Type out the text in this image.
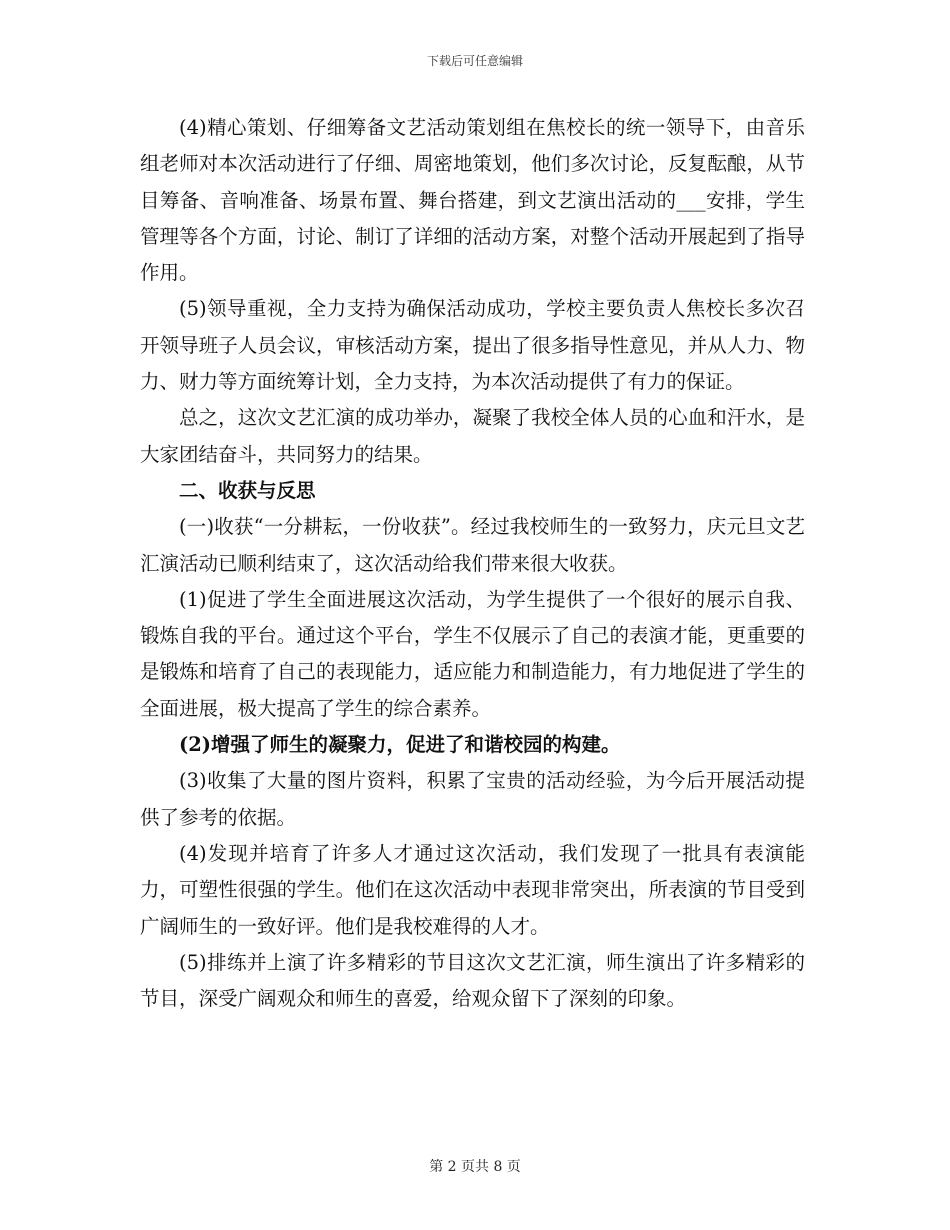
下载后可任意编辑

(4)精心策划、仔细筹备文艺活动策划组在焦校长的统一领导下，由音乐组老师对本次活动进行了仔细、周密地策划，他们多次讨论，反复酝酿，从节目筹备、音响准备、场景布置、舞台搭建，到文艺演出活动的___安排，学生管理等各个方面，讨论、制订了详细的活动方案，对整个活动开展起到了指导作用。

(5)领导重视，全力支持为确保活动成功，学校主要负责人焦校长多次召开领导班子人员会议，审核活动方案，提出了很多指导性意见，并从人力、物力、财力等方面统筹计划，全力支持，为本次活动提供了有力的保证。

总之，这次文艺汇演的成功举办，凝聚了我校全体人员的心血和汗水，是大家团结奋斗，共同努力的结果。

二、收获与反思

(一)收获“一分耕耘，一份收获”。经过我校师生的一致努力，庆元旦文艺汇演活动已顺利结束了，这次活动给我们带来很大收获。

(1)促进了学生全面进展这次活动，为学生提供了一个很好的展示自我、锻炼自我的平台。通过这个平台，学生不仅展示了自己的表演才能，更重要的是锻炼和培育了自己的表现能力，适应能力和制造能力，有力地促进了学生的全面进展，极大提高了学生的综合素养。

(2)增强了师生的凝聚力，促进了和谐校园的构建。

(3)收集了大量的图片资料，积累了宝贵的活动经验，为今后开展活动提供了参考的依据。

(4)发现并培育了许多人才通过这次活动，我们发现了一批具有表演能力，可塑性很强的学生。他们在这次活动中表现非常突出，所表演的节目受到广阔师生的一致好评。他们是我校难得的人才。

(5)排练并上演了许多精彩的节目这次文艺汇演，师生演出了许多精彩的节目，深受广阔观众和师生的喜爱，给观众留下了深刻的印象。

第 2 页共 8 页
